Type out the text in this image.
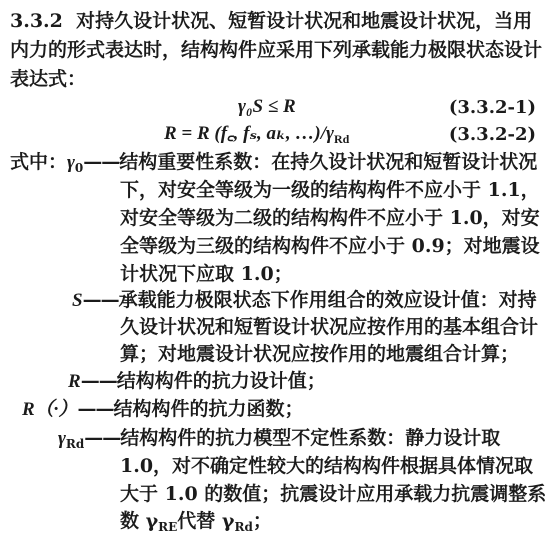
3.3.2 对持久设计状况、短暂设计状况和地震设计状况，当用
内力的形式表达时，结构构件应采用下列承载能力极限状态设计
表达式：
γ₀S ≤ R	(3.3.2-1)
R = R (f꜀, fₛ, aₖ, $\dots)/\gamma_{Rd}$	(3.3.2-2)
式中：$\gamma_0——$结构重要性系数：在持久设计状况和短暂设计状况
下，对安全等级为一级的结构构件不应小于 1.1，
对安全等级为二级的结构构件不应小于 1.0，对安
全等级为三级的结构构件不应小于 0.9；对地震设
计状况下应取 1.0；
S——承载能力极限状态下作用组合的效应设计值：对持
久设计状况和短暂设计状况应按作用的基本组合计
算；对地震设计状况应按作用的地震组合计算；
R——结构构件的抗力设计值；
R（·）——结构构件的抗力函数；
$\gamma_{Rd}——$结构构件的抗力模型不定性系数：静力设计取
1.0，对不确定性较大的结构构件根据具体情况取
大于 1.0 的数值；抗震设计应用承载力抗震调整系
数 $\gamma_{RE}$代替 $\gamma_{Rd}$；
